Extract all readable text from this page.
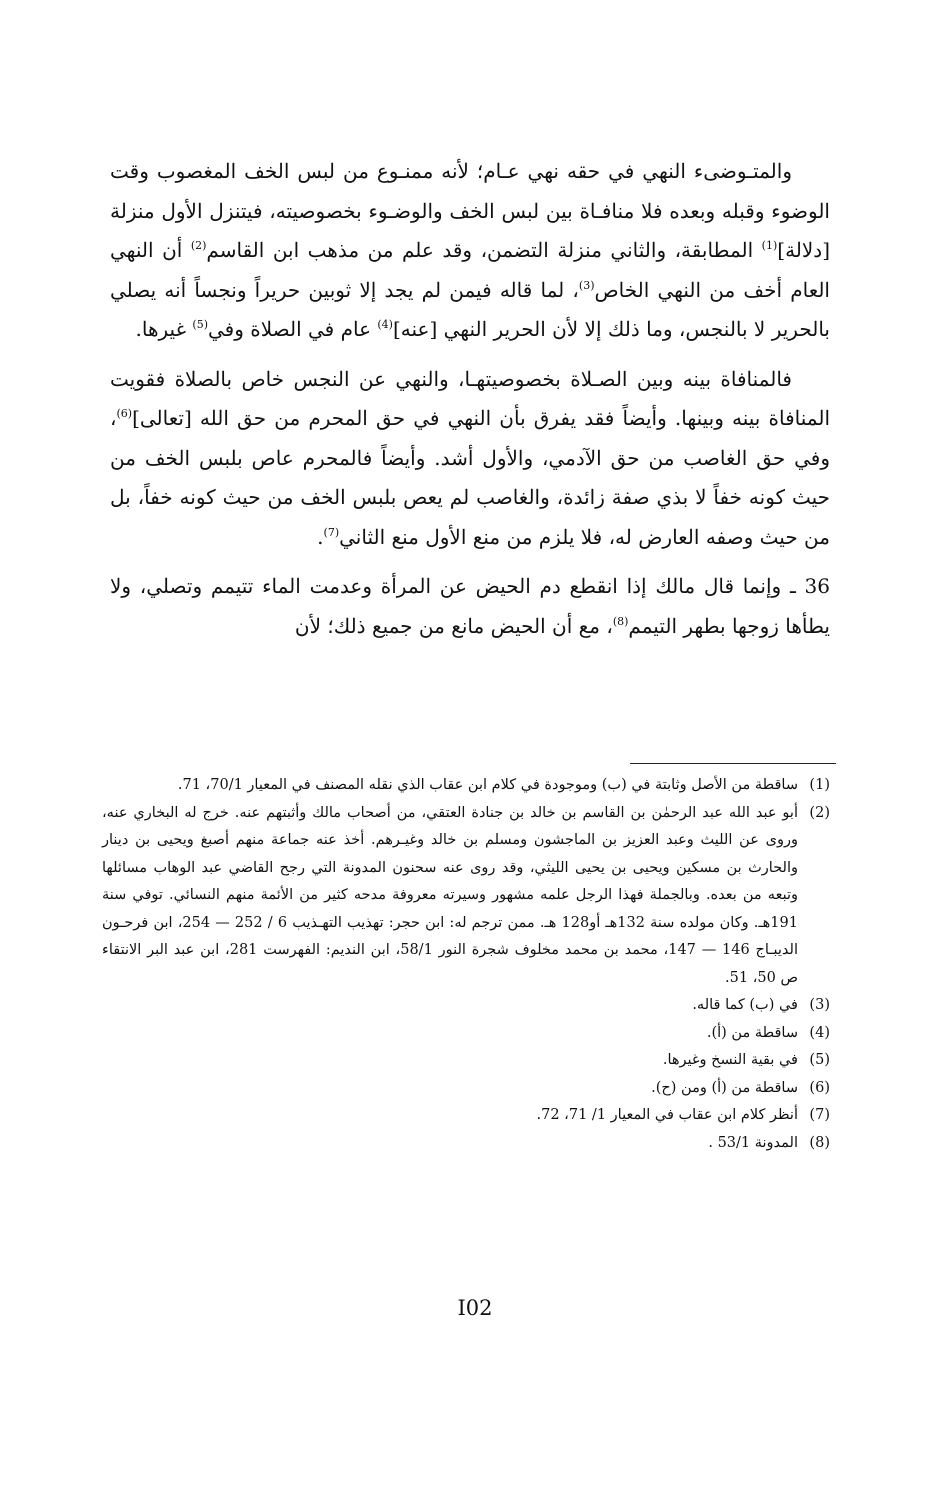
والمتـوضىء النهي في حقه نهي عـام؛ لأنه ممنـوع من لبس الخف المغصوب وقت الوضوء وقبله وبعده فلا منافـاة بين لبس الخف والوضـوء بخصوصيته، فيتنزل الأول منزلة [دلالة]$^{(1)}$ المطابقة، والثاني منزلة التضمن، وقد علم من مذهب ابن القاسم$^{(2)}$ أن النهي العام أخف من النهي الخاص$^{(3)}$، لما قاله فيمن لم يجد إلا ثوبين حريراً ونجساً أنه يصلي بالحرير لا بالنجس، وما ذلك إلا لأن الحرير النهي [عنه]$^{(4)}$ عام في الصلاة وفي$^{(5)}$ غيرها.

فالمنافاة بينه وبين الصـلاة بخصوصيتهـا، والنهي عن النجس خاص بالصلاة فقويت المنافاة بينه وبينها. وأيضاً فقد يفرق بأن النهي في حق المحرم من حق الله [تعالى]$^{(6)}$، وفي حق الغاصب من حق الآدمي، والأول أشد. وأيضاً فالمحرم عاص بلبس الخف من حيث كونه خفاً لا بذي صفة زائدة، والغاصب لم يعص بلبس الخف من حيث كونه خفاً، بل من حيث وصفه العارض له، فلا يلزم من منع الأول منع الثاني$^{(7)}$.

36 ـ وإنما قال مالك إذا انقطع دم الحيض عن المرأة وعدمت الماء تتيمم وتصلي، ولا يطأها زوجها بطهر التيمم$^{(8)}$، مع أن الحيض مانع من جميع ذلك؛ لأن

(1)
ساقطة من الأصل وثابتة في (ب) وموجودة في كلام ابن عقاب الذي نقله المصنف في المعيار 70/1، 71.
(2)
أبو عبد الله عبد الرحمٰن بن القاسم بن خالد بن جنادة العتقي، من أصحاب مالك وأثبتهم عنه. خرج له البخاري عنه، وروى عن الليث وعبد العزيز بن الماجشون ومسلم بن خالد وغيـرهم. أخذ عنه جماعة منهم أصبغ ويحيى بن دينار والحارث بن مسكين ويحيى بن يحيى الليثي، وقد روى عنه سحنون المدونة التي رجح القاضي عبد الوهاب مسائلها وتبعه من بعده. وبالجملة فهذا الرجل علمه مشهور وسيرته معروفة مدحه كثير من الأئمة منهم النسائي. توفي سنة 191هـ. وكان مولده سنة 132هـ أو128 هـ. ممن ترجم له: ابن حجر: تهذيب التهـذيب 6 / 252 — 254، ابن فرحـون الديبـاج 146 — 147، محمد بن محمد مخلوف شجرة النور 58/1، ابن النديم: الفهرست 281، ابن عبد البر الانتقاء ص 50، 51.
(3)
في (ب) كما قاله.
(4)
ساقطة من (أ).
(5)
في بقية النسخ وغيرها.
(6)
ساقطة من (أ) ومن (ح).
(7)
أنظر كلام ابن عقاب في المعيار 1/ 71، 72.
(8)
المدونة 53/1 .
I02
